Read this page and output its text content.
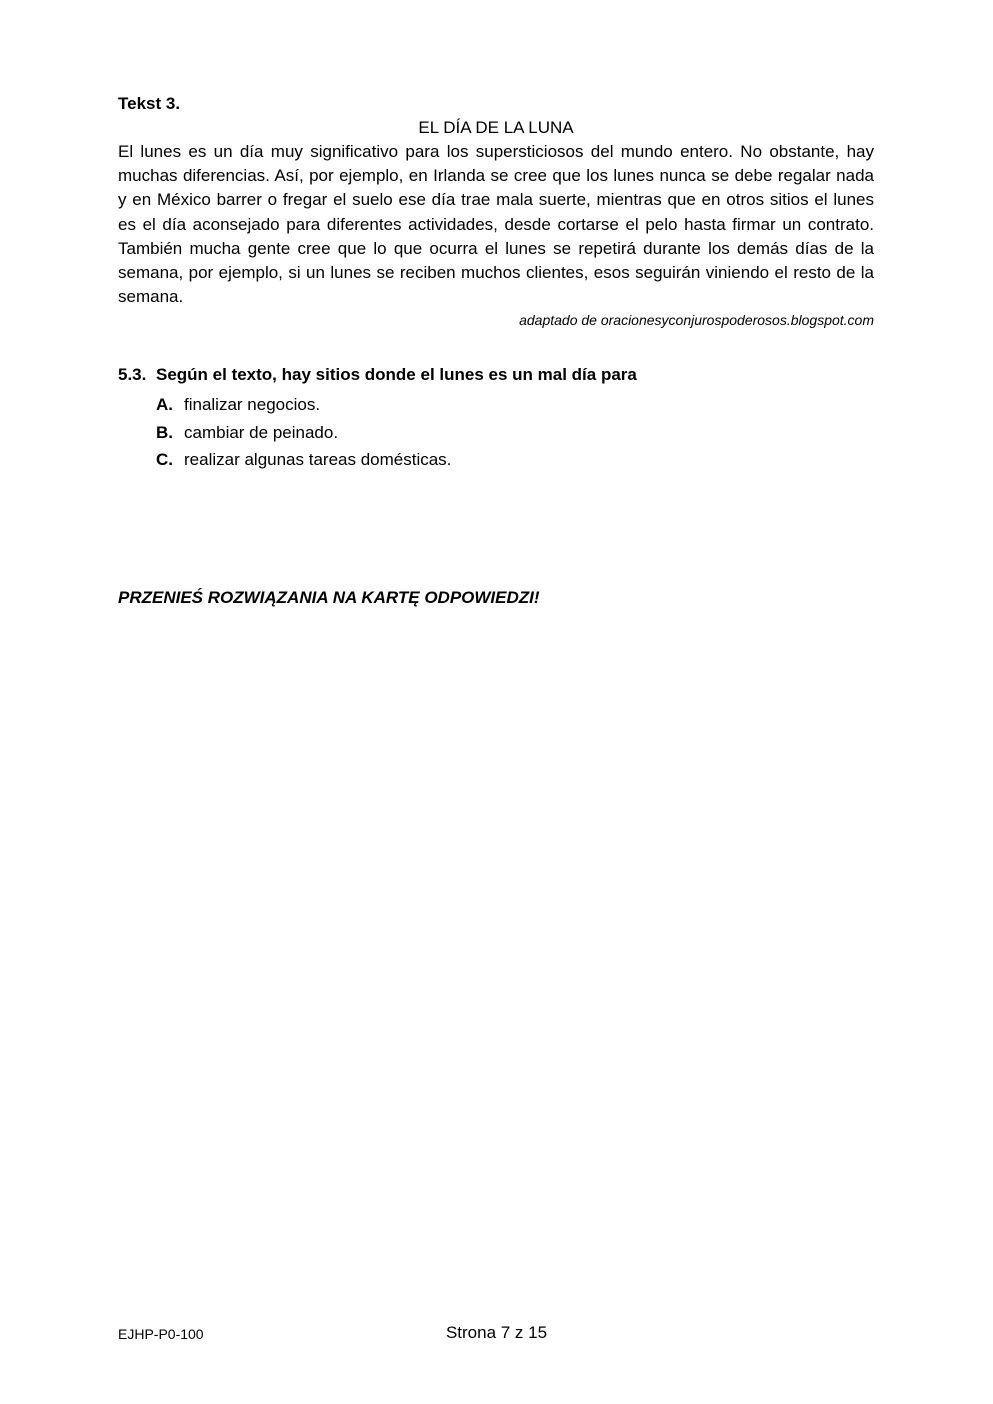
Tekst 3.

EL DÍA DE LA LUNA

El lunes es un día muy significativo para los supersticiosos del mundo entero. No obstante, hay muchas diferencias. Así, por ejemplo, en Irlanda se cree que los lunes nunca se debe regalar nada y en México barrer o fregar el suelo ese día trae mala suerte, mientras que en otros sitios el lunes es el día aconsejado para diferentes actividades, desde cortarse el pelo hasta firmar un contrato. También mucha gente cree que lo que ocurra el lunes se repetirá durante los demás días de la semana, por ejemplo, si un lunes se reciben muchos clientes, esos seguirán viniendo el resto de la semana.

adaptado de oracionesyconjurospoderosos.blogspot.com

5.3. Según el texto, hay sitios donde el lunes es un mal día para
A. finalizar negocios.
B. cambiar de peinado.
C. realizar algunas tareas domésticas.
PRZENIEŚ ROZWIĄZANIA NA KARTĘ ODPOWIEDZI!
EJHP-P0-100	Strona 7 z 15
